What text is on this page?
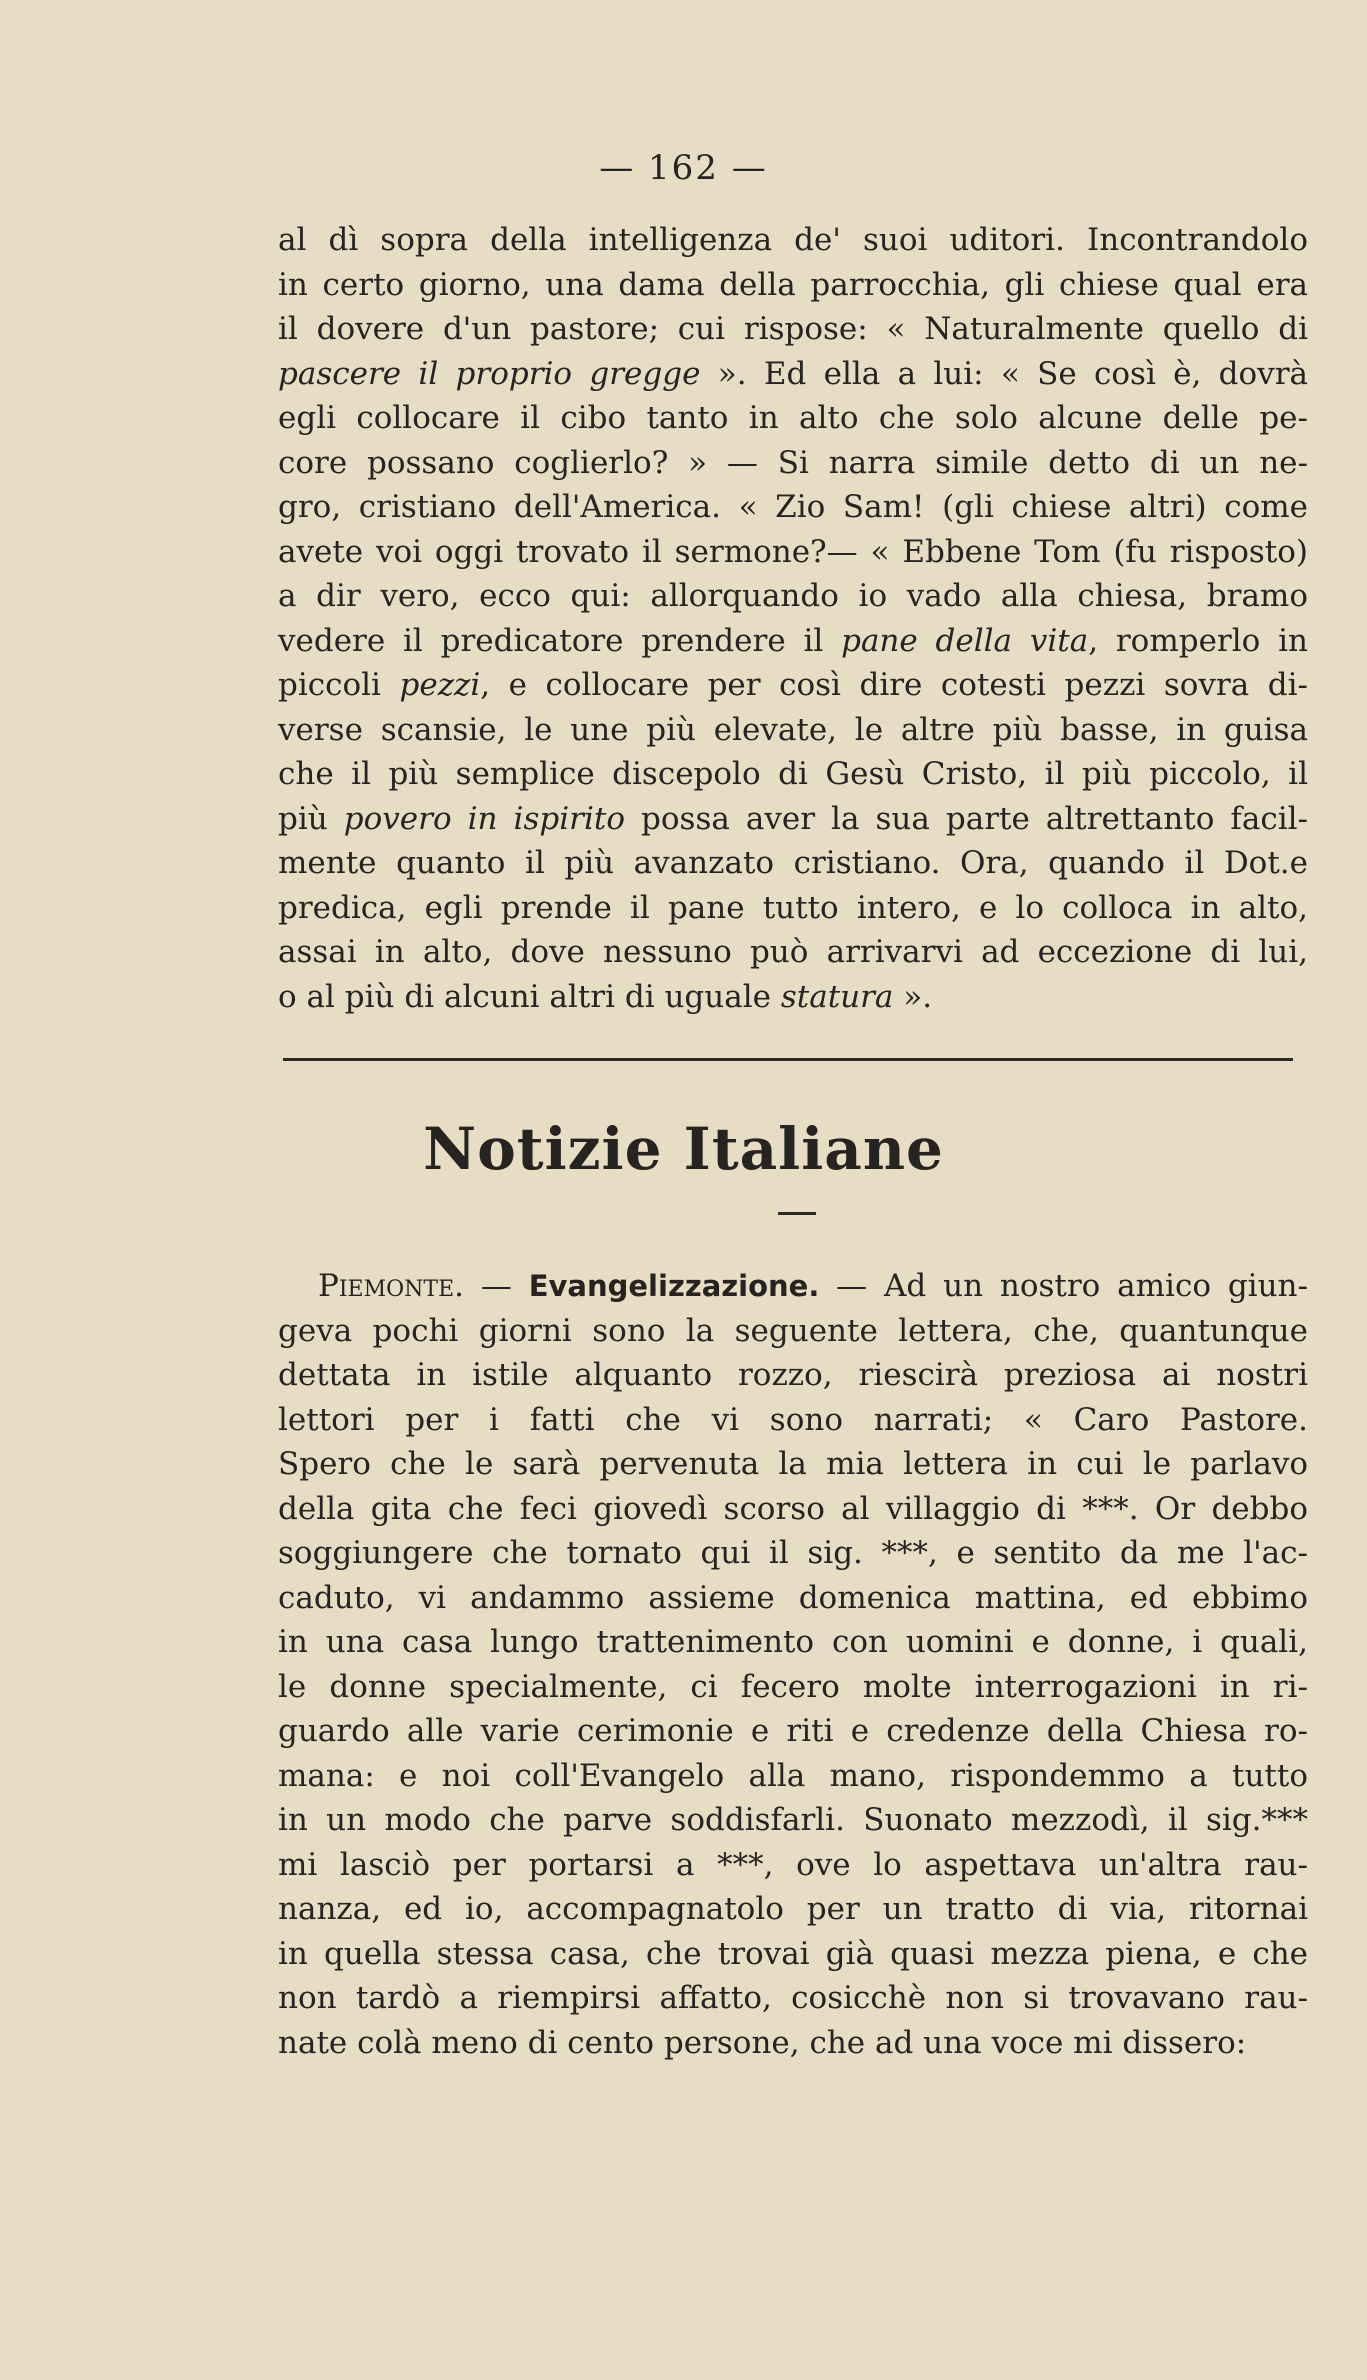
— 162 —
al dì sopra della intelligenza de' suoi uditori. Incontrandolo
in certo giorno, una dama della parrocchia, gli chiese qual era
il dovere d'un pastore; cui rispose: « Naturalmente quello di
pascere il proprio gregge ». Ed ella a lui: « Se così è, dovrà
egli collocare il cibo tanto in alto che solo alcune delle pe-
core possano coglierlo? » — Si narra simile detto di un ne-
gro, cristiano dell'America. « Zio Sam! (gli chiese altri) come
avete voi oggi trovato il sermone?— « Ebbene Tom (fu risposto)
a dir vero, ecco qui: allorquando io vado alla chiesa, bramo
vedere il predicatore prendere il pane della vita, romperlo in
piccoli pezzi, e collocare per così dire cotesti pezzi sovra di-
verse scansie, le une più elevate, le altre più basse, in guisa
che il più semplice discepolo di Gesù Cristo, il più piccolo, il
più povero in ispirito possa aver la sua parte altrettanto facil-
mente quanto il più avanzato cristiano. Ora, quando il Dot.e
predica, egli prende il pane tutto intero, e lo colloca in alto,
assai in alto, dove nessuno può arrivarvi ad eccezione di lui,
o al più di alcuni altri di uguale statura ».
Notizie Italiane
Piemonte. — Evangelizzazione. — Ad un nostro amico giun-
geva pochi giorni sono la seguente lettera, che, quantunque
dettata in istile alquanto rozzo, riescirà preziosa ai nostri
lettori per i fatti che vi sono narrati; « Caro Pastore.
Spero che le sarà pervenuta la mia lettera in cui le parlavo
della gita che feci giovedì scorso al villaggio di ***. Or debbo
soggiungere che tornato qui il sig. ***, e sentito da me l'ac-
caduto, vi andammo assieme domenica mattina, ed ebbimo
in una casa lungo trattenimento con uomini e donne, i quali,
le donne specialmente, ci fecero molte interrogazioni in ri-
guardo alle varie cerimonie e riti e credenze della Chiesa ro-
mana: e noi coll'Evangelo alla mano, rispondemmo a tutto
in un modo che parve soddisfarli. Suonato mezzodì, il sig.***
mi lasciò per portarsi a ***, ove lo aspettava un'altra rau-
nanza, ed io, accompagnatolo per un tratto di via, ritornai
in quella stessa casa, che trovai già quasi mezza piena, e che
non tardò a riempirsi affatto, cosicchè non si trovavano rau-
nate colà meno di cento persone, che ad una voce mi dissero:
